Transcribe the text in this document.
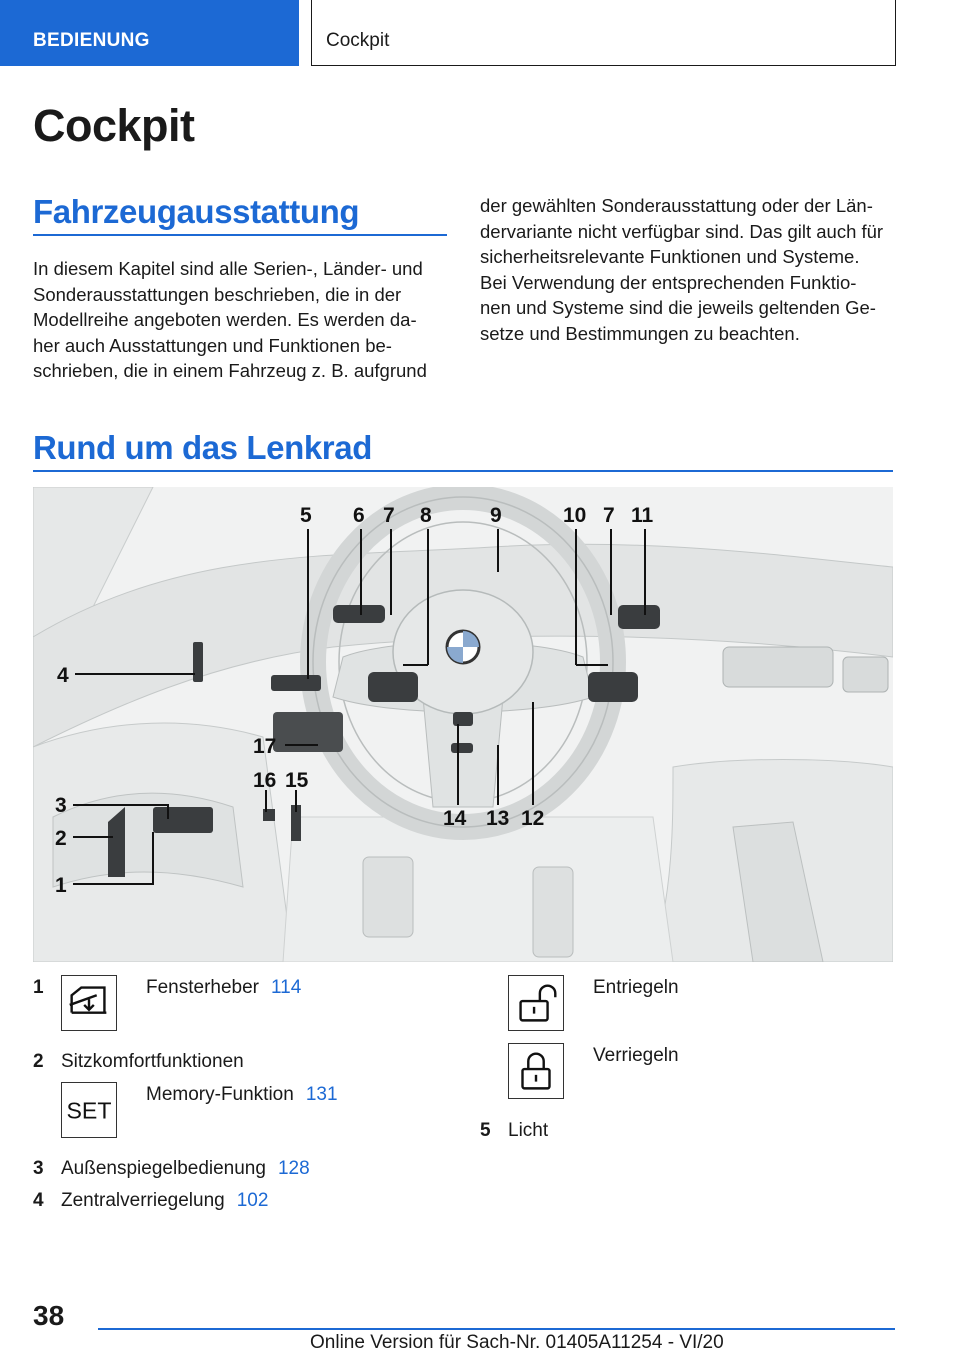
BEDIENUNG	Cockpit
Cockpit
Fahrzeugausstattung
In diesem Kapitel sind alle Serien-, Länder- und
Sonderausstattungen beschrieben, die in der
Modellreihe angeboten werden. Es werden da-
her auch Ausstattungen und Funktionen be-
schrieben, die in einem Fahrzeug z. B. aufgrund
der gewählten Sonderausstattung oder der Län-
dervariante nicht verfügbar sind. Das gilt auch für
sicherheitsrelevante Funktionen und Systeme.
Bei Verwendung der entsprechenden Funktio-
nen und Systeme sind die jeweils geltenden Ge-
setze und Bestimmungen zu beachten.
Rund um das Lenkrad
5 6 7 8	9	10 7 11
4
17
16 15
3
2
1
14 13 12
1	Fensterheber 114
2 Sitzkomfortfunktionen
SET
Memory-Funktion 131
3 Außenspiegelbedienung 128
4 Zentralverriegelung 102
Entriegeln
Verriegeln
5 Licht
38
Online Version für Sach-Nr. 01405A11254 - VI/20
